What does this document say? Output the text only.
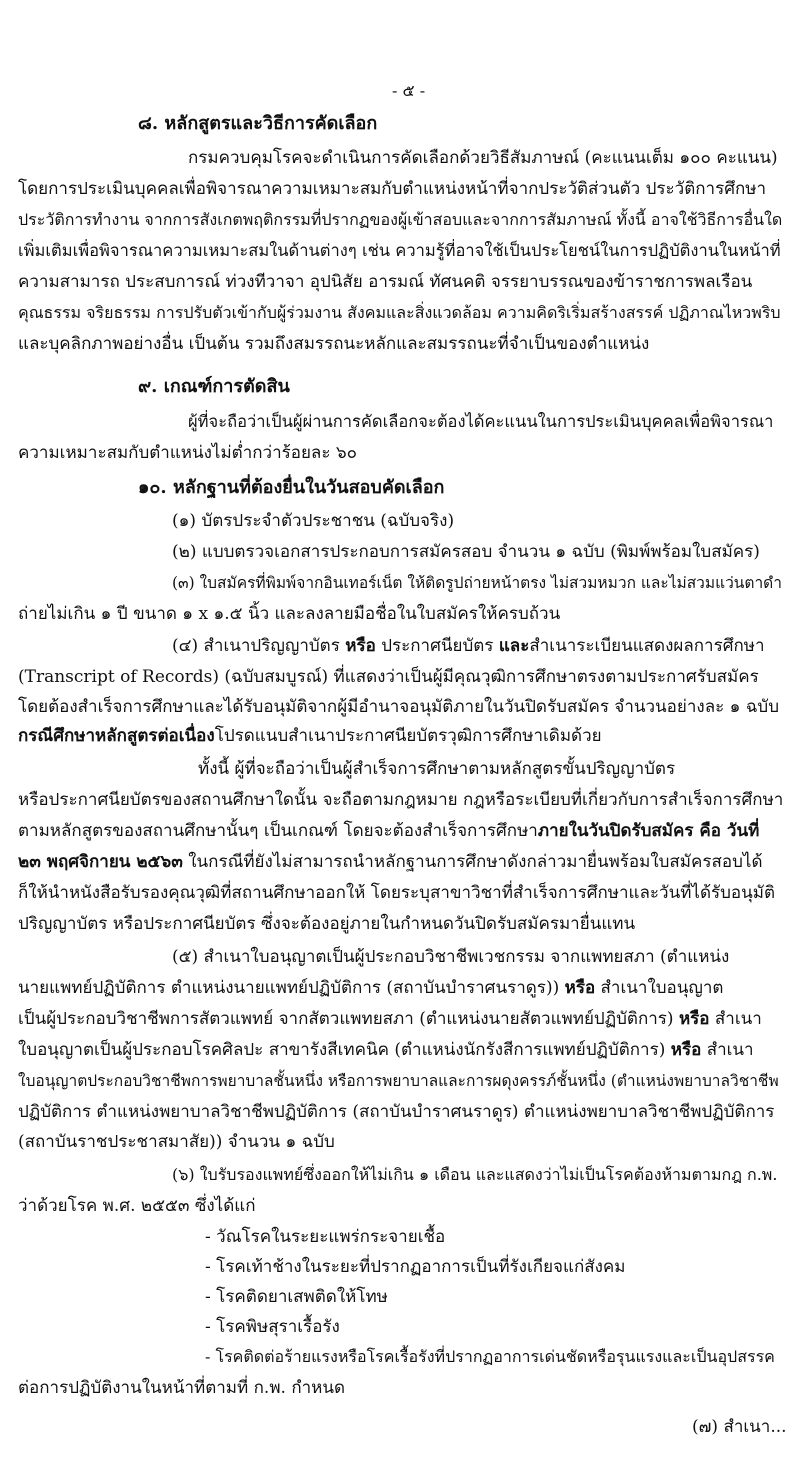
- ๕ -
๘. หลักสูตรและวิธีการคัดเลือก
กรมควบคุมโรคจะดำเนินการคัดเลือกด้วยวิธีสัมภาษณ์ (คะแนนเต็ม ๑๐๐ คะแนน)
โดยการประเมินบุคคลเพื่อพิจารณาความเหมาะสมกับตำแหน่งหน้าที่จากประวัติส่วนตัว ประวัติการศึกษา
ประวัติการทำงาน จากการสังเกตพฤติกรรมที่ปรากฏของผู้เข้าสอบและจากการสัมภาษณ์ ทั้งนี้ อาจใช้วิธีการอื่นใด
เพิ่มเติมเพื่อพิจารณาความเหมาะสมในด้านต่างๆ เช่น ความรู้ที่อาจใช้เป็นประโยชน์ในการปฏิบัติงานในหน้าที่
ความสามารถ ประสบการณ์ ท่วงทีวาจา อุปนิสัย อารมณ์ ทัศนคติ จรรยาบรรณของข้าราชการพลเรือน
คุณธรรม จริยธรรม การปรับตัวเข้ากับผู้ร่วมงาน สังคมและสิ่งแวดล้อม ความคิดริเริ่มสร้างสรรค์ ปฏิภาณไหวพริบ
และบุคลิกภาพอย่างอื่น เป็นต้น รวมถึงสมรรถนะหลักและสมรรถนะที่จำเป็นของตำแหน่ง
๙. เกณฑ์การตัดสิน
ผู้ที่จะถือว่าเป็นผู้ผ่านการคัดเลือกจะต้องได้คะแนนในการประเมินบุคคลเพื่อพิจารณา
ความเหมาะสมกับตำแหน่งไม่ต่ำกว่าร้อยละ ๖๐
๑๐. หลักฐานที่ต้องยื่นในวันสอบคัดเลือก
(๑) บัตรประจำตัวประชาชน (ฉบับจริง)
(๒) แบบตรวจเอกสารประกอบการสมัครสอบ จำนวน ๑ ฉบับ (พิมพ์พร้อมใบสมัคร)
(๓) ใบสมัครที่พิมพ์จากอินเทอร์เน็ต ให้ติดรูปถ่ายหน้าตรง ไม่สวมหมวก และไม่สวมแว่นตาดำ
ถ่ายไม่เกิน ๑ ปี ขนาด ๑ x ๑.๕ นิ้ว และลงลายมือชื่อในใบสมัครให้ครบถ้วน
(๔) สำเนาปริญญาบัตร หรือ ประกาศนียบัตร และสำเนาระเบียนแสดงผลการศึกษา
(Transcript of Records) (ฉบับสมบูรณ์) ที่แสดงว่าเป็นผู้มีคุณวุฒิการศึกษาตรงตามประกาศรับสมัคร
โดยต้องสำเร็จการศึกษาและได้รับอนุมัติจากผู้มีอำนาจอนุมัติภายในวันปิดรับสมัคร จำนวนอย่างละ ๑ ฉบับ
กรณีศึกษาหลักสูตรต่อเนื่องโปรดแนบสำเนาประกาศนียบัตรวุฒิการศึกษาเดิมด้วย
ทั้งนี้ ผู้ที่จะถือว่าเป็นผู้สำเร็จการศึกษาตามหลักสูตรขั้นปริญญาบัตร
หรือประกาศนียบัตรของสถานศึกษาใดนั้น จะถือตามกฎหมาย กฎหรือระเบียบที่เกี่ยวกับการสำเร็จการศึกษา
ตามหลักสูตรของสถานศึกษานั้นๆ เป็นเกณฑ์ โดยจะต้องสำเร็จการศึกษาภายในวันปิดรับสมัคร คือ วันที่
๒๓ พฤศจิกายน ๒๕๖๓ ในกรณีที่ยังไม่สามารถนำหลักฐานการศึกษาดังกล่าวมายื่นพร้อมใบสมัครสอบได้
ก็ให้นำหนังสือรับรองคุณวุฒิที่สถานศึกษาออกให้ โดยระบุสาขาวิชาที่สำเร็จการศึกษาและวันที่ได้รับอนุมัติ
ปริญญาบัตร หรือประกาศนียบัตร ซึ่งจะต้องอยู่ภายในกำหนดวันปิดรับสมัครมายื่นแทน
(๕) สำเนาใบอนุญาตเป็นผู้ประกอบวิชาชีพเวชกรรม จากแพทยสภา (ตำแหน่ง
นายแพทย์ปฏิบัติการ ตำแหน่งนายแพทย์ปฏิบัติการ (สถาบันบำราศนราดูร)) หรือ สำเนาใบอนุญาต
เป็นผู้ประกอบวิชาชีพการสัตวแพทย์ จากสัตวแพทยสภา (ตำแหน่งนายสัตวแพทย์ปฏิบัติการ) หรือ สำเนา
ใบอนุญาตเป็นผู้ประกอบโรคศิลปะ สาขารังสีเทคนิค (ตำแหน่งนักรังสีการแพทย์ปฏิบัติการ) หรือ สำเนา
ใบอนุญาตประกอบวิชาชีพการพยาบาลชั้นหนึ่ง หรือการพยาบาลและการผดุงครรภ์ชั้นหนึ่ง (ตำแหน่งพยาบาลวิชาชีพ
ปฏิบัติการ ตำแหน่งพยาบาลวิชาชีพปฏิบัติการ (สถาบันบำราศนราดูร) ตำแหน่งพยาบาลวิชาชีพปฏิบัติการ
(สถาบันราชประชาสมาสัย)) จำนวน ๑ ฉบับ
(๖) ใบรับรองแพทย์ซึ่งออกให้ไม่เกิน ๑ เดือน และแสดงว่าไม่เป็นโรคต้องห้ามตามกฎ ก.พ.
ว่าด้วยโรค พ.ศ. ๒๕๕๓ ซึ่งได้แก่
- วัณโรคในระยะแพร่กระจายเชื้อ
- โรคเท้าช้างในระยะที่ปรากฏอาการเป็นที่รังเกียจแก่สังคม
- โรคติดยาเสพติดให้โทษ
- โรคพิษสุราเรื้อรัง
- โรคติดต่อร้ายแรงหรือโรคเรื้อรังที่ปรากฏอาการเด่นชัดหรือรุนแรงและเป็นอุปสรรค
ต่อการปฏิบัติงานในหน้าที่ตามที่ ก.พ. กำหนด
(๗) สำเนา...
